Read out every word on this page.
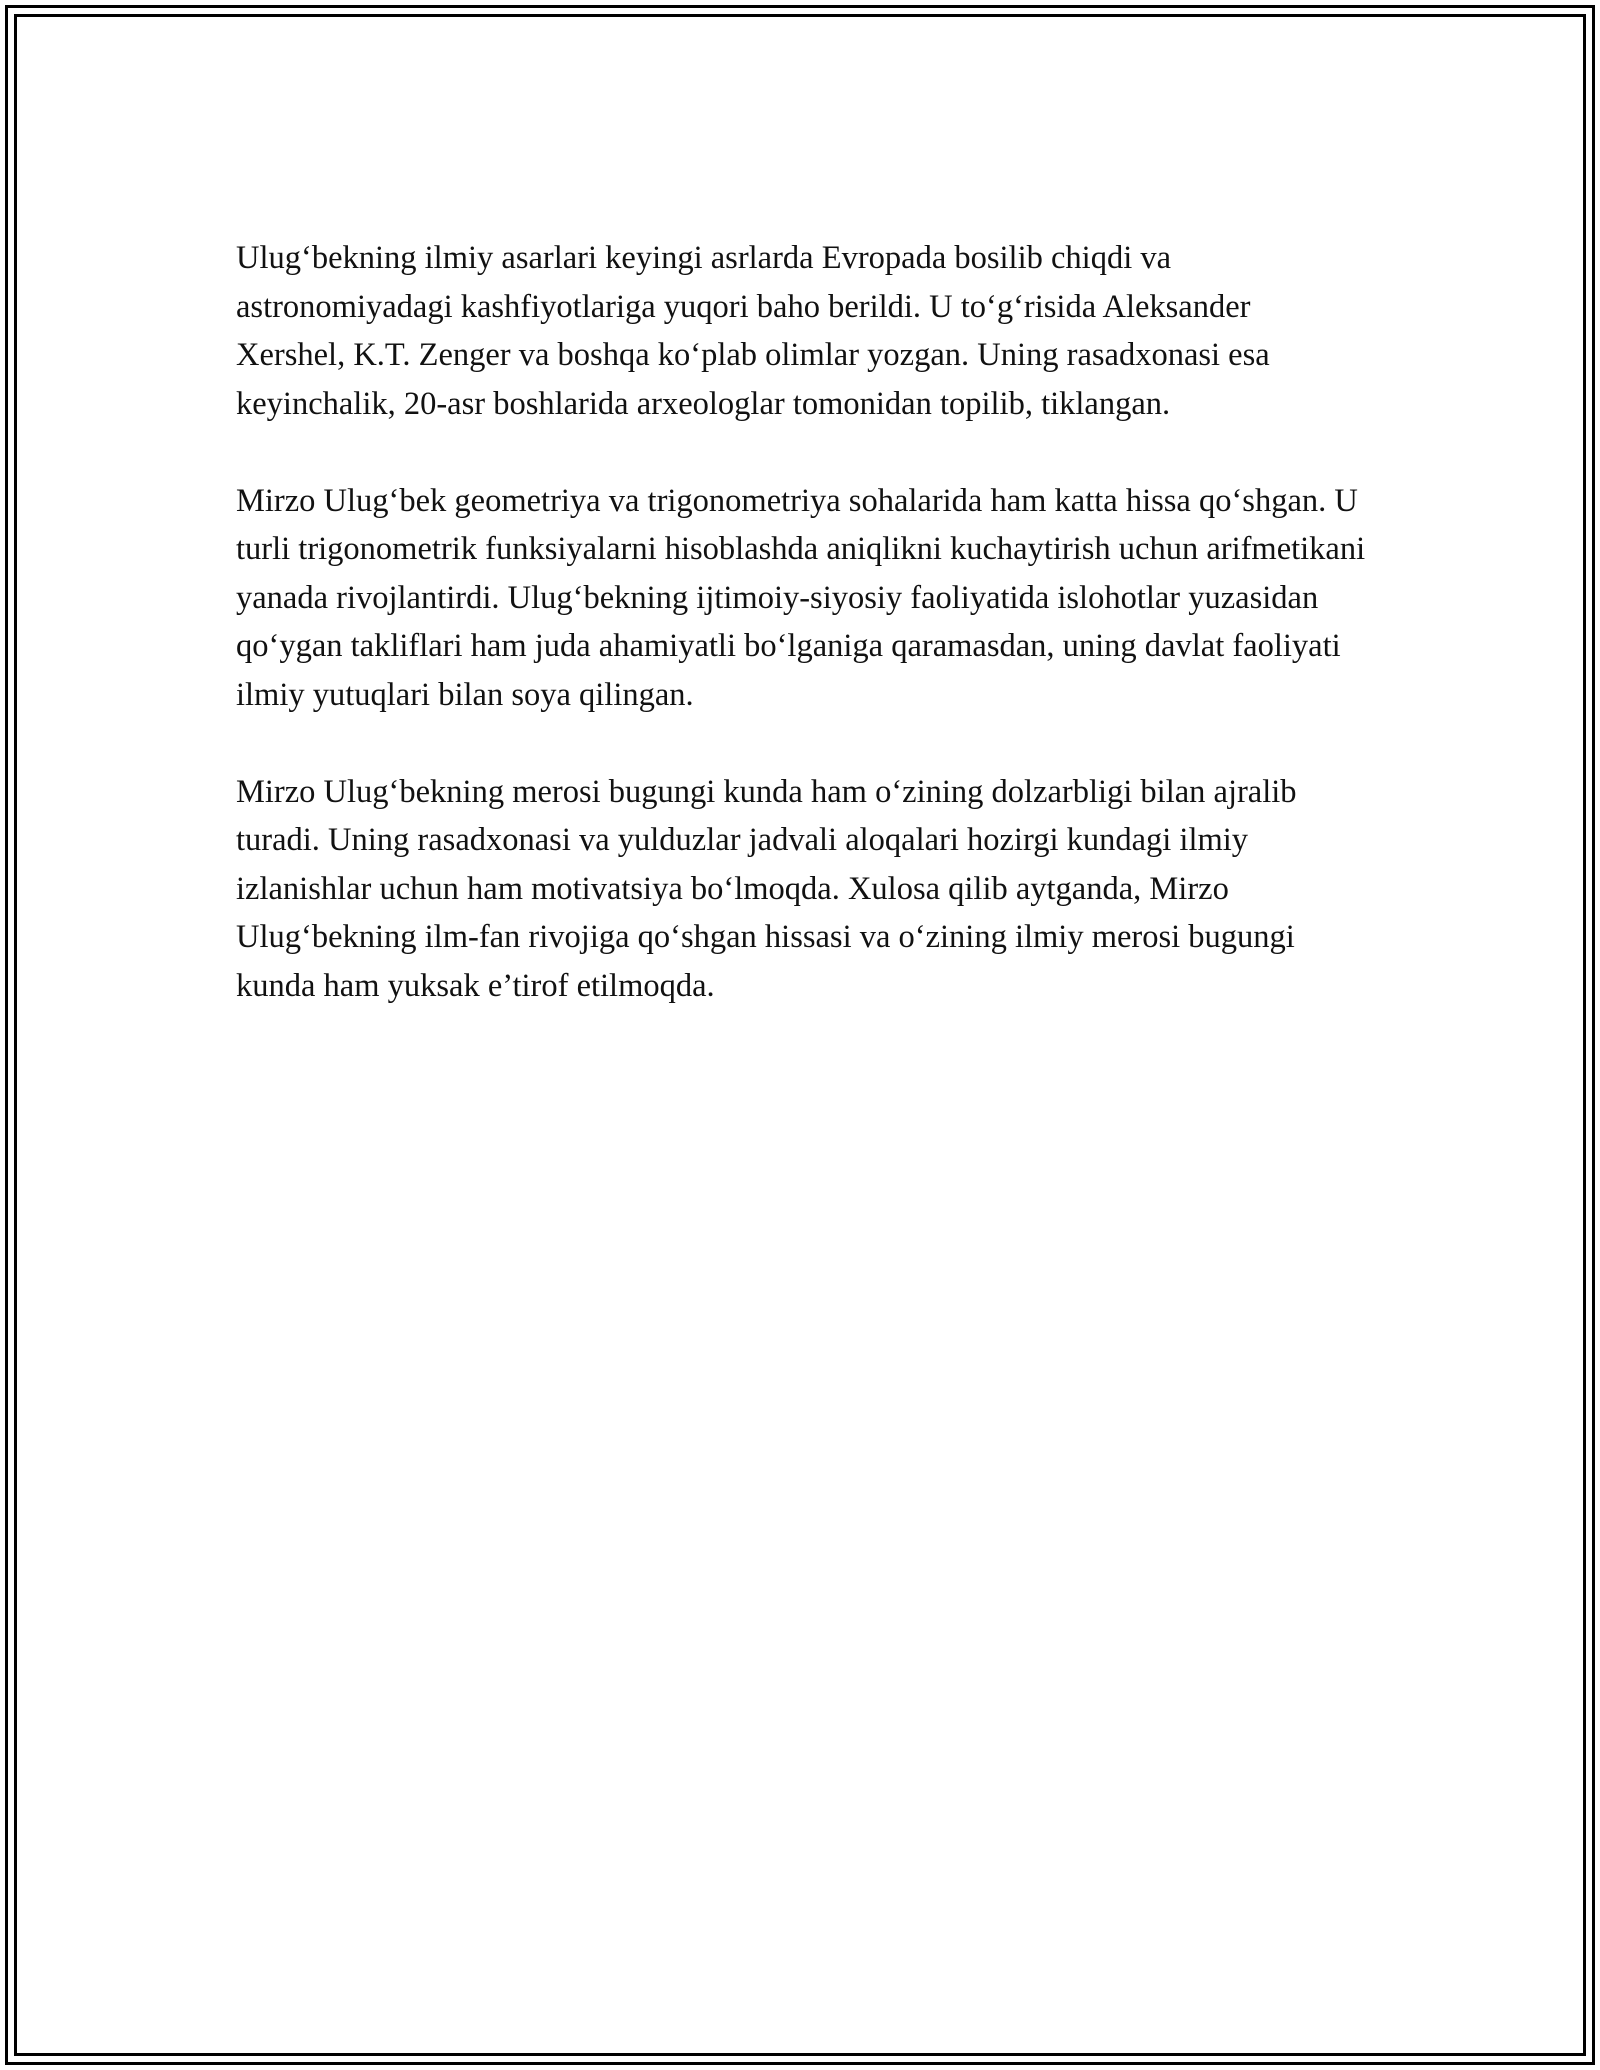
Ulug‘bekning ilmiy asarlari keyingi asrlarda Evropada bosilib chiqdi va astronomiyadagi kashfiyotlariga yuqori baho berildi. U to‘g‘risida Aleksander Xershel, K.T. Zenger va boshqa ko‘plab olimlar yozgan. Uning rasadxonasi esa keyinchalik, 20-asr boshlarida arxeologlar tomonidan topilib, tiklangan.

Mirzo Ulug‘bek geometriya va trigonometriya sohalarida ham katta hissa qo‘shgan. U turli trigonometrik funksiyalarni hisoblashda aniqlikni kuchaytirish uchun arifmetikani yanada rivojlantirdi. Ulug‘bekning ijtimoiy-siyosiy faoliyatida islohotlar yuzasidan qo‘ygan takliflari ham juda ahamiyatli bo‘lganiga qaramasdan, uning davlat faoliyati ilmiy yutuqlari bilan soya qilingan.

Mirzo Ulug‘bekning merosi bugungi kunda ham o‘zining dolzarbligi bilan ajralib turadi. Uning rasadxonasi va yulduzlar jadvali aloqalari hozirgi kundagi ilmiy izlanishlar uchun ham motivatsiya bo‘lmoqda. Xulosa qilib aytganda, Mirzo Ulug‘bekning ilm-fan rivojiga qo‘shgan hissasi va o‘zining ilmiy merosi bugungi kunda ham yuksak e’tirof etilmoqda.
